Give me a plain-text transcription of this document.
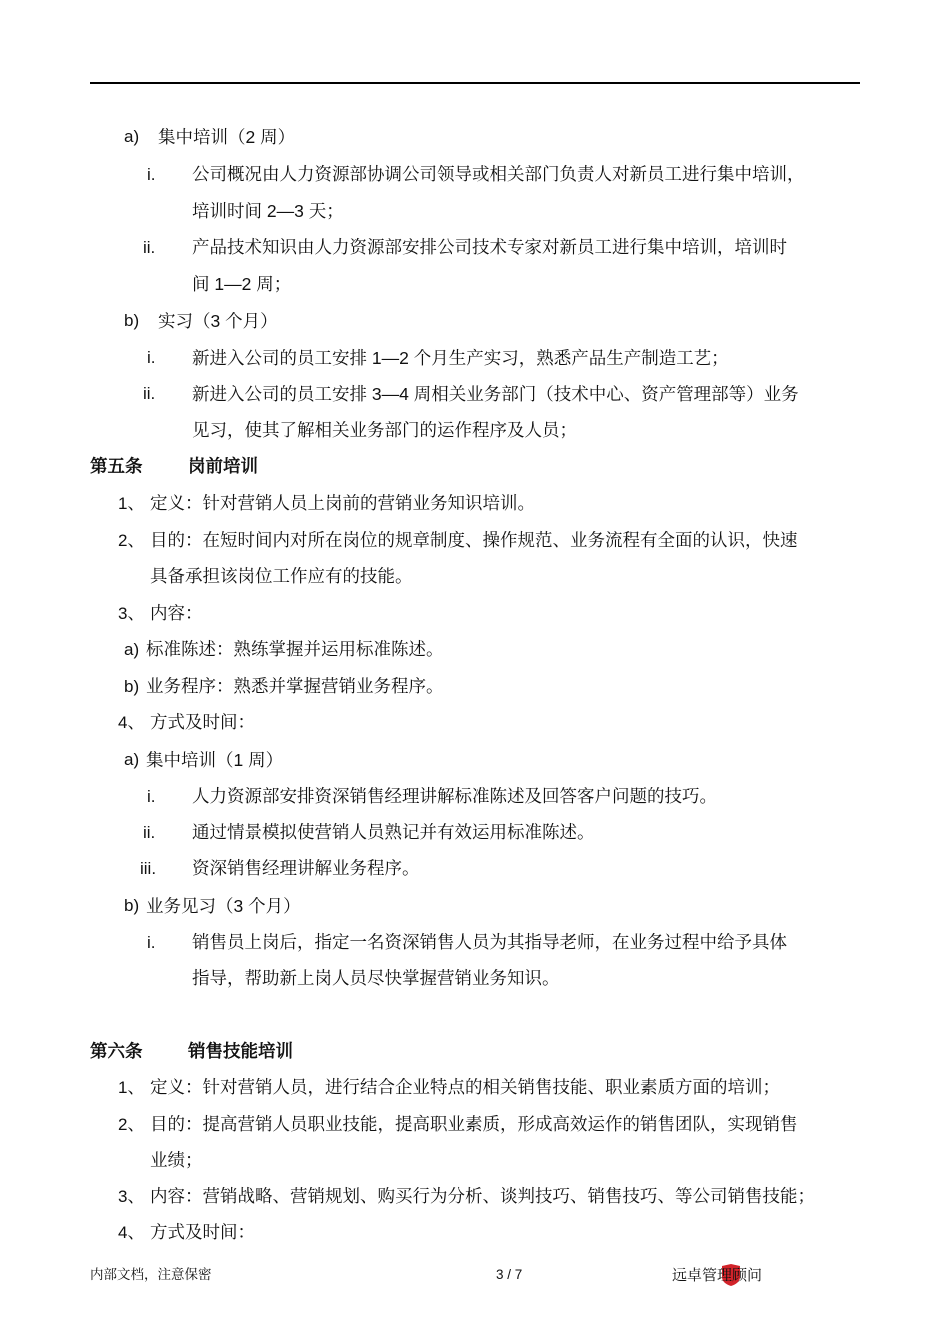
a) 集中培训（2 周）
i. 公司概况由人力资源部协调公司领导或相关部门负责人对新员工进行集中培训，
培训时间 2—3 天；
ii. 产品技术知识由人力资源部安排公司技术专家对新员工进行集中培训，培训时
间 1—2 周；
b) 实习（3 个月）
i. 新进入公司的员工安排 1—2 个月生产实习，熟悉产品生产制造工艺；
ii. 新进入公司的员工安排 3—4 周相关业务部门（技术中心、资产管理部等）业务
见习，使其了解相关业务部门的运作程序及人员；
第五条	岗前培训
1、 定义：针对营销人员上岗前的营销业务知识培训。
2、 目的：在短时间内对所在岗位的规章制度、操作规范、业务流程有全面的认识，快速
具备承担该岗位工作应有的技能。
3、 内容：
a) 标准陈述：熟练掌握并运用标准陈述。
b) 业务程序：熟悉并掌握营销业务程序。
4、 方式及时间：
a) 集中培训（1 周）
i. 人力资源部安排资深销售经理讲解标准陈述及回答客户问题的技巧。
ii. 通过情景模拟使营销人员熟记并有效运用标准陈述。
iii. 资深销售经理讲解业务程序。
b) 业务见习（3 个月）
i. 销售员上岗后，指定一名资深销售人员为其指导老师，在业务过程中给予具体
指导，帮助新上岗人员尽快掌握营销业务知识。
第六条	销售技能培训
1、 定义：针对营销人员，进行结合企业特点的相关销售技能、职业素质方面的培训；
2、 目的：提高营销人员职业技能，提高职业素质，形成高效运作的销售团队，实现销售
业绩；
3、 内容：营销战略、营销规划、购买行为分析、谈判技巧、销售技巧、等公司销售技能；
4、 方式及时间：
内部文档，注意保密	3 / 7	远卓管理顾问
